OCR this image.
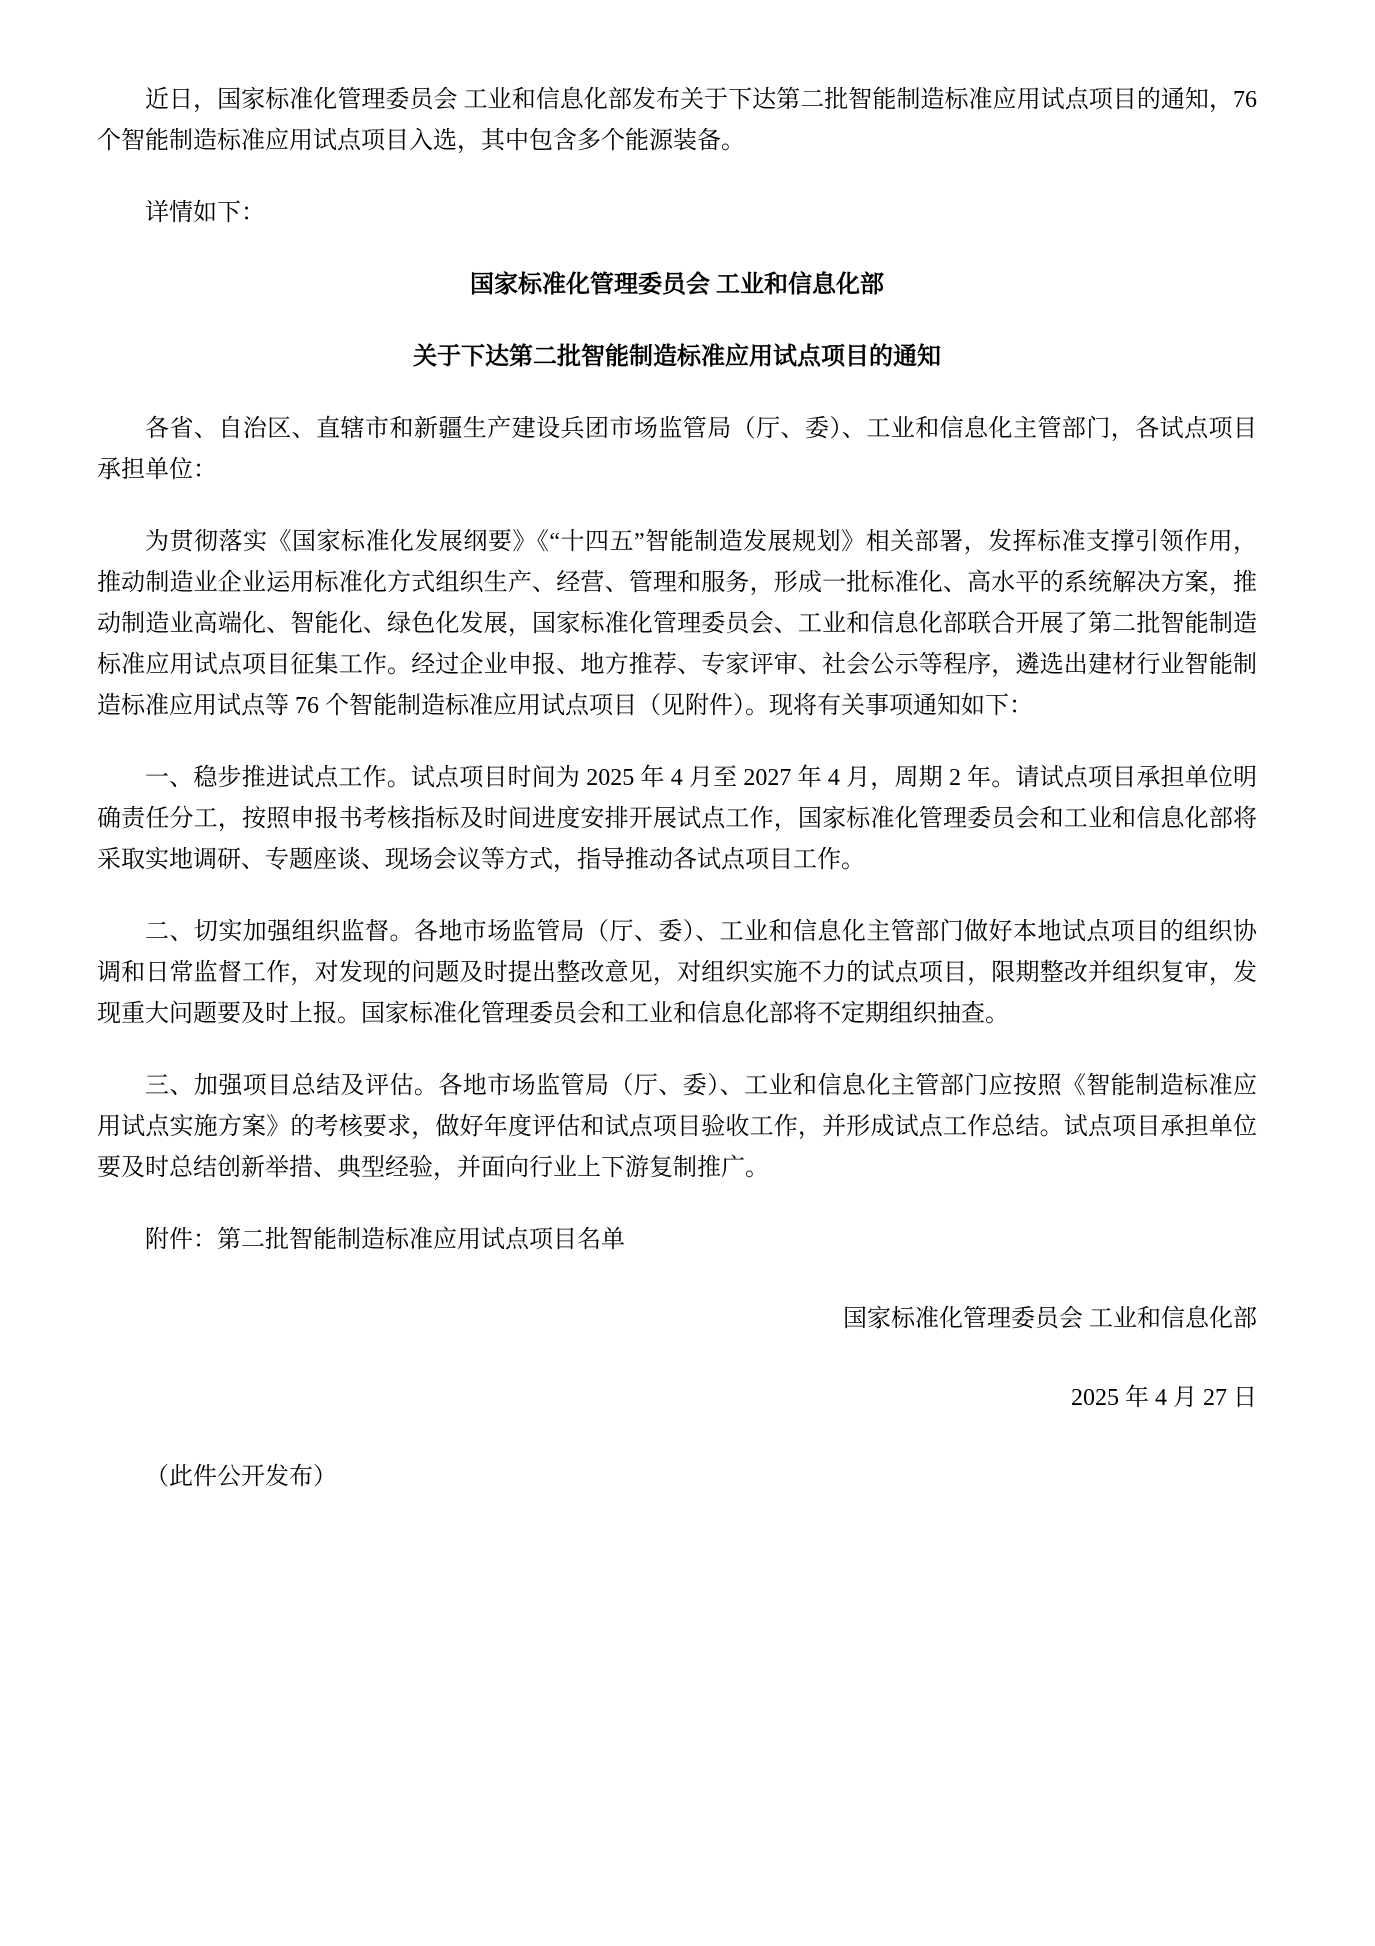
近日，国家标准化管理委员会 工业和信息化部发布关于下达第二批智能制造标准应用试点项目的通知，76 个智能制造标准应用试点项目入选，其中包含多个能源装备。

详情如下：

国家标准化管理委员会 工业和信息化部

关于下达第二批智能制造标准应用试点项目的通知

各省、自治区、直辖市和新疆生产建设兵团市场监管局（厅、委）、工业和信息化主管部门，各试点项目承担单位：

为贯彻落实《国家标准化发展纲要》《“十四五”智能制造发展规划》相关部署，发挥标准支撑引领作用，推动制造业企业运用标准化方式组织生产、经营、管理和服务，形成一批标准化、高水平的系统解决方案，推动制造业高端化、智能化、绿色化发展，国家标准化管理委员会、工业和信息化部联合开展了第二批智能制造标准应用试点项目征集工作。经过企业申报、地方推荐、专家评审、社会公示等程序，遴选出建材行业智能制造标准应用试点等 76 个智能制造标准应用试点项目（见附件）。现将有关事项通知如下：

一、稳步推进试点工作。试点项目时间为 2025 年 4 月至 2027 年 4 月，周期 2 年。请试点项目承担单位明确责任分工，按照申报书考核指标及时间进度安排开展试点工作，国家标准化管理委员会和工业和信息化部将采取实地调研、专题座谈、现场会议等方式，指导推动各试点项目工作。

二、切实加强组织监督。各地市场监管局（厅、委）、工业和信息化主管部门做好本地试点项目的组织协调和日常监督工作，对发现的问题及时提出整改意见，对组织实施不力的试点项目，限期整改并组织复审，发现重大问题要及时上报。国家标准化管理委员会和工业和信息化部将不定期组织抽查。

三、加强项目总结及评估。各地市场监管局（厅、委）、工业和信息化主管部门应按照《智能制造标准应用试点实施方案》的考核要求，做好年度评估和试点项目验收工作，并形成试点工作总结。试点项目承担单位要及时总结创新举措、典型经验，并面向行业上下游复制推广。

附件：第二批智能制造标准应用试点项目名单

国家标准化管理委员会 工业和信息化部

2025 年 4 月 27 日

（此件公开发布）
